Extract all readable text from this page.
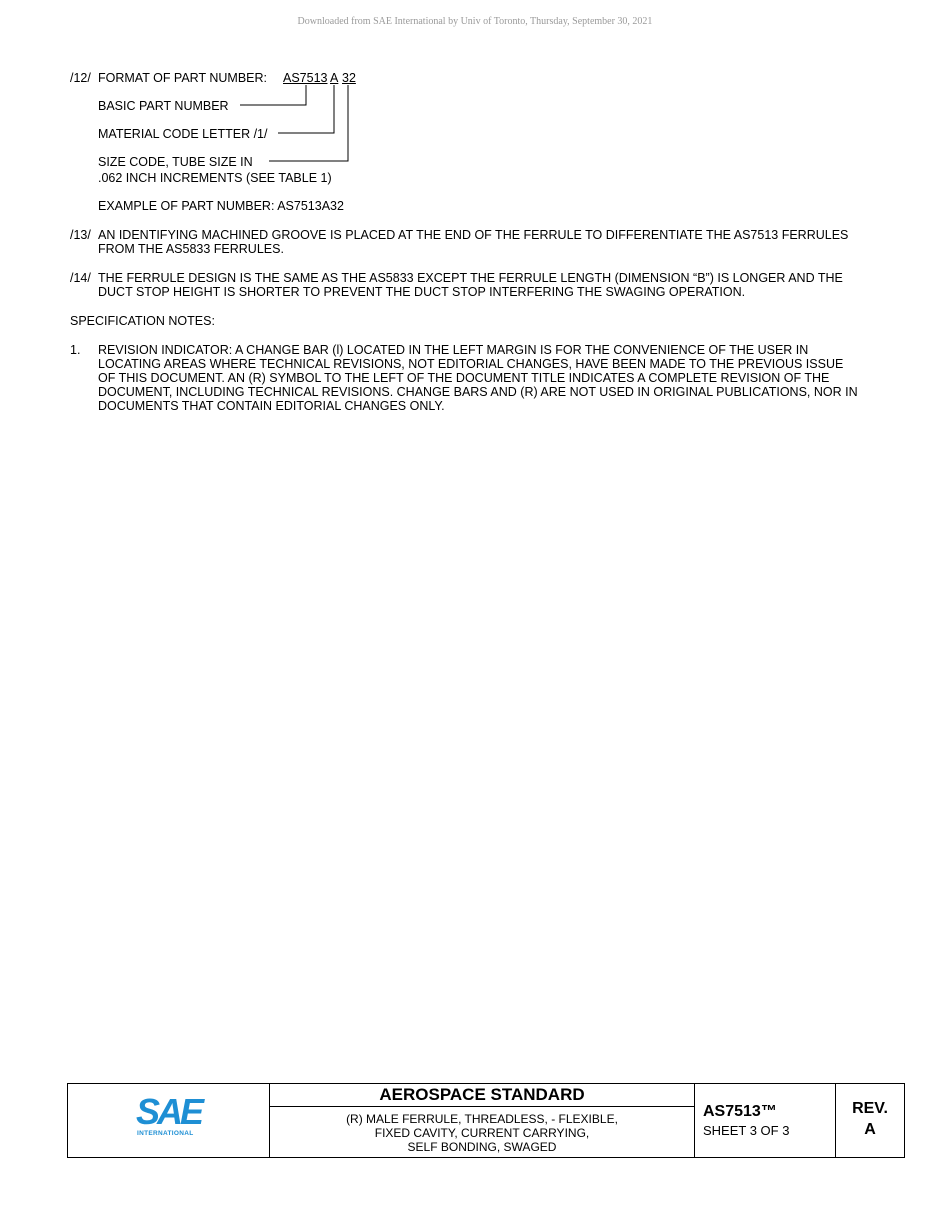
Downloaded from SAE International by Univ of Toronto, Thursday, September 30, 2021
/12/ FORMAT OF PART NUMBER: AS7513 A 32
BASIC PART NUMBER
MATERIAL CODE LETTER /1/
SIZE CODE, TUBE SIZE IN
.062 INCH INCREMENTS (SEE TABLE 1)
EXAMPLE OF PART NUMBER: AS7513A32
/13/ AN IDENTIFYING MACHINED GROOVE IS PLACED AT THE END OF THE FERRULE TO DIFFERENTIATE THE AS7513 FERRULES FROM THE AS5833 FERRULES.
/14/ THE FERRULE DESIGN IS THE SAME AS THE AS5833 EXCEPT THE FERRULE LENGTH (DIMENSION “B”) IS LONGER AND THE DUCT STOP HEIGHT IS SHORTER TO PREVENT THE DUCT STOP INTERFERING THE SWAGING OPERATION.
SPECIFICATION NOTES:
1. REVISION INDICATOR: A CHANGE BAR (l) LOCATED IN THE LEFT MARGIN IS FOR THE CONVENIENCE OF THE USER IN LOCATING AREAS WHERE TECHNICAL REVISIONS, NOT EDITORIAL CHANGES, HAVE BEEN MADE TO THE PREVIOUS ISSUE OF THIS DOCUMENT. AN (R) SYMBOL TO THE LEFT OF THE DOCUMENT TITLE INDICATES A COMPLETE REVISION OF THE DOCUMENT, INCLUDING TECHNICAL REVISIONS. CHANGE BARS AND (R) ARE NOT USED IN ORIGINAL PUBLICATIONS, NOR IN DOCUMENTS THAT CONTAIN EDITORIAL CHANGES ONLY.
SAE
INTERNATIONAL
AEROSPACE STANDARD
(R) MALE FERRULE, THREADLESS, - FLEXIBLE,
FIXED CAVITY, CURRENT CARRYING,
SELF BONDING, SWAGED
AS7513™
SHEET 3 OF 3
REV.
A
